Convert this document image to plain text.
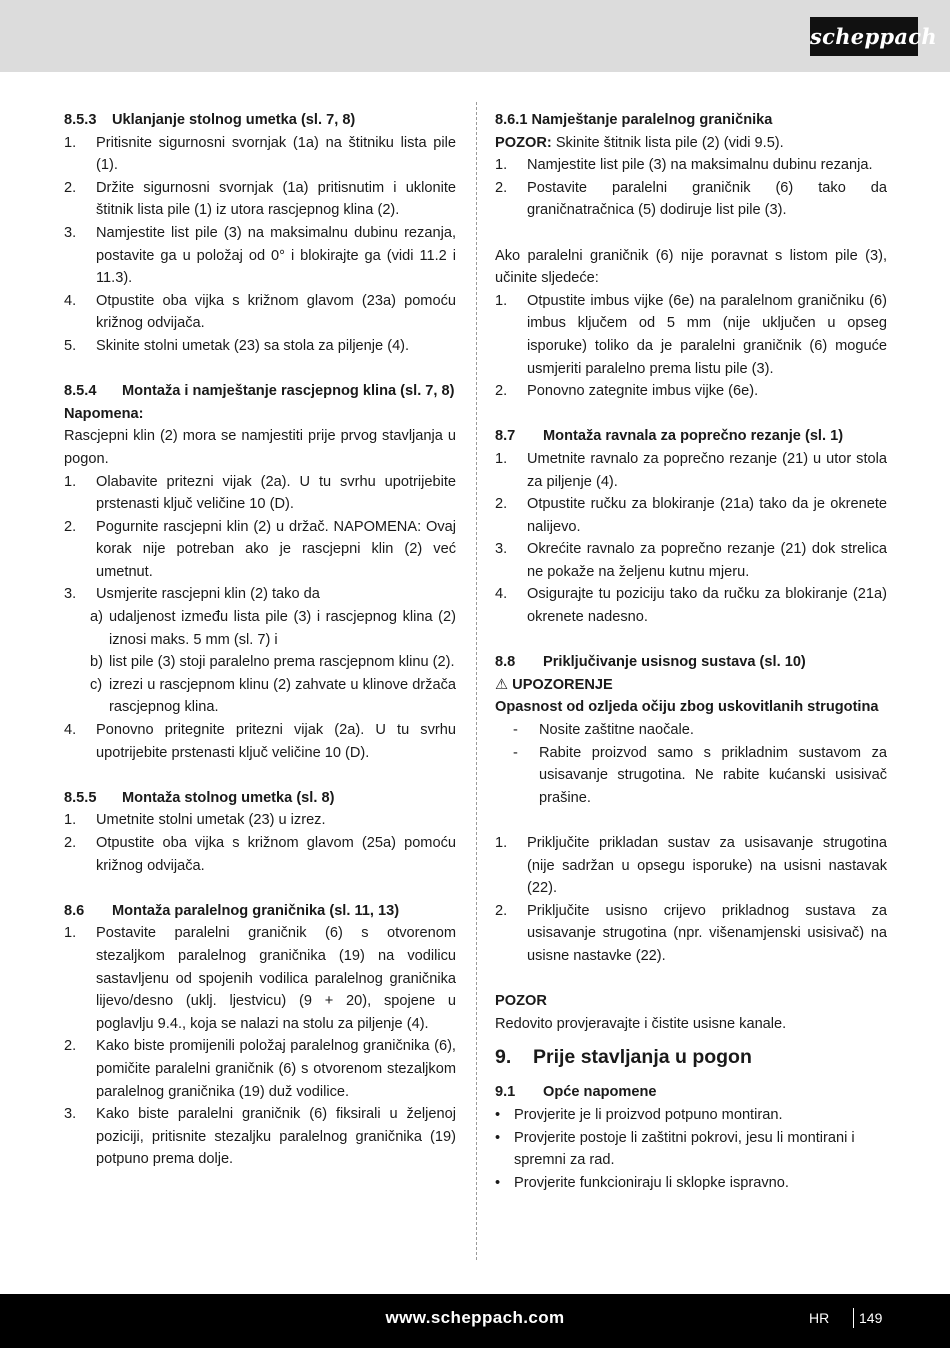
scheppach
8.5.3 Uklanjanje stolnog umetka (sl. 7, 8)
1.	Pritisnite sigurnosni svornjak (1a) na štitniku lista pile (1).
2.	Držite sigurnosni svornjak (1a) pritisnutim i uklonite štitnik lista pile (1) iz utora rascjepnog klina (2).
3.	Namjestite list pile (3) na maksimalnu dubinu rezanja, postavite ga u položaj od 0° i blokirajte ga (vidi 11.2 i 11.3).
4.	Otpustite oba vijka s križnom glavom (23a) pomoću križnog odvijača.
5.	Skinite stolni umetak (23) sa stola za piljenje (4).
8.5.4	Montaža i namještanje rascjepnog klina (sl. 7, 8)
Napomena:
Rascjepni klin (2) mora se namjestiti prije prvog stavljanja u pogon.
1.	Olabavite pritezni vijak (2a). U tu svrhu upotrijebite prstenasti ključ veličine 10 (D).
2.	Pogurnite rascjepni klin (2) u držač. NAPOMENA: Ovaj korak nije potreban ako je rascjepni klin (2) već umetnut.
3.	Usmjerite rascjepni klin (2) tako da
a) udaljenost između lista pile (3) i rascjepnog klina (2) iznosi maks. 5 mm (sl. 7) i
b) list pile (3) stoji paralelno prema rascjepnom klinu (2).
c) izrezi u rascjepnom klinu (2) zahvate u klinove držača rascjepnog klina.
4.	Ponovno pritegnite pritezni vijak (2a). U tu svrhu upotrijebite prstenasti ključ veličine 10 (D).
8.5.5	Montaža stolnog umetka (sl. 8)
1.	Umetnite stolni umetak (23) u izrez.
2.	Otpustite oba vijka s križnom glavom (25a) pomoću križnog odvijača.
8.6	Montaža paralelnog graničnika (sl. 11, 13)
1.	Postavite paralelni graničnik (6) s otvorenom stezaljkom paralelnog graničnika (19) na vodilicu sastavljenu od spojenih vodilica paralelnog graničnika lijevo/desno (uklj. ljestvicu) (9 + 20), spojene u poglavlju 9.4., koja se nalazi na stolu za piljenje (4).
2.	Kako biste promijenili položaj paralelnog graničnika (6), pomičite paralelni graničnik (6) s otvorenom stezaljkom paralelnog graničnika (19) duž vodilice.
3.	Kako biste paralelni graničnik (6) fiksirali u željenoj poziciji, pritisnite stezaljku paralelnog graničnika (19) potpuno prema dolje.
8.6.1 Namještanje paralelnog graničnika
POZOR: Skinite štitnik lista pile (2) (vidi 9.5).
1.	Namjestite list pile (3) na maksimalnu dubinu rezanja.
2.	Postavite paralelni graničnik (6) tako da graničnatračnica (5) dodiruje list pile (3).
Ako paralelni graničnik (6) nije poravnat s listom pile (3), učinite sljedeće:
1.	Otpustite imbus vijke (6e) na paralelnom graničniku (6) imbus ključem od 5 mm (nije uključen u opseg isporuke) toliko da je paralelni graničnik (6) moguće usmjeriti paralelno prema listu pile (3).
2.	Ponovno zategnite imbus vijke (6e).
8.7	Montaža ravnala za poprečno rezanje (sl. 1)
1.	Umetnite ravnalo za poprečno rezanje (21) u utor stola za piljenje (4).
2.	Otpustite ručku za blokiranje (21a) tako da je okrenete nalijevo.
3.	Okrećite ravnalo za poprečno rezanje (21) dok strelica ne pokaže na željenu kutnu mjeru.
4.	Osigurajte tu poziciju tako da ručku za blokiranje (21a) okrenete nadesno.
8.8	Priključivanje usisnog sustava (sl. 10)
⚠ UPOZORENJE
Opasnost od ozljeda očiju zbog uskovitlanih strugotina
-	Nosite zaštitne naočale.
-	Rabite proizvod samo s prikladnim sustavom za usisavanje strugotina. Ne rabite kućanski usisivač prašine.
1.	Priključite prikladan sustav za usisavanje strugotina (nije sadržan u opsegu isporuke) na usisni nastavak (22).
2.	Priključite usisno crijevo prikladnog sustava za usisavanje strugotina (npr. višenamjenski usisivač) na usisne nastavke (22).
POZOR
Redovito provjeravajte i čistite usisne kanale.
9.	Prije stavljanja u pogon
9.1	Opće napomene
• Provjerite je li proizvod potpuno montiran.
• Provjerite postoje li zaštitni pokrovi, jesu li montirani i spremni za rad.
• Provjerite funkcioniraju li sklopke ispravno.
www.scheppach.com	HR 149
